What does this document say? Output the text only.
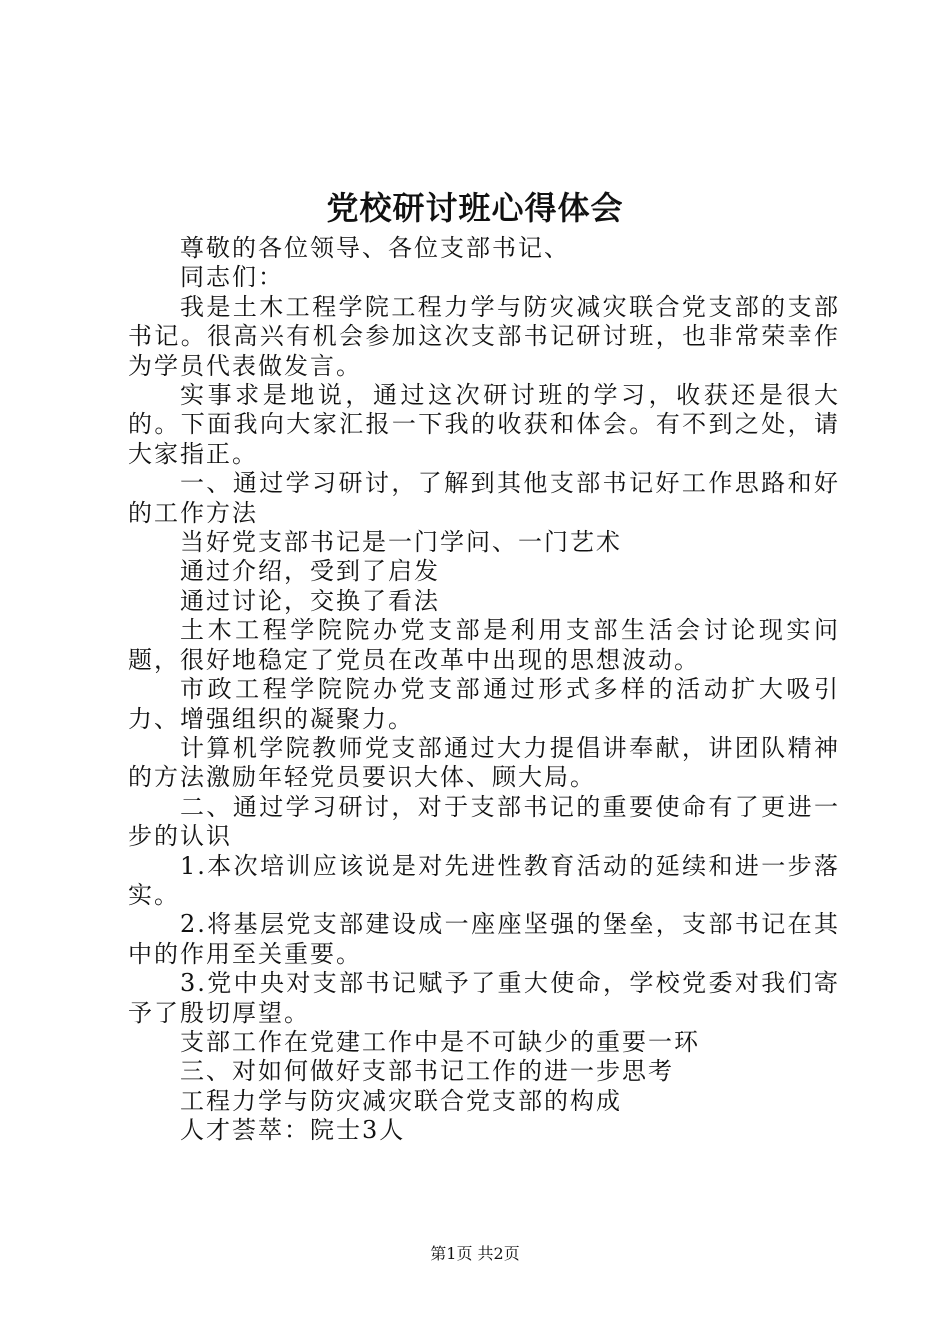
党校研讨班心得体会

尊敬的各位领导、各位支部书记、

同志们：

我是土木工程学院工程力学与防灾减灾联合党支部的支部书记。很高兴有机会参加这次支部书记研讨班，也非常荣幸作为学员代表做发言。

实事求是地说，通过这次研讨班的学习，收获还是很大的。下面我向大家汇报一下我的收获和体会。有不到之处，请大家指正。

一、通过学习研讨，了解到其他支部书记好工作思路和好的工作方法

当好党支部书记是一门学问、一门艺术

通过介绍，受到了启发

通过讨论，交换了看法

土木工程学院院办党支部是利用支部生活会讨论现实问题，很好地稳定了党员在改革中出现的思想波动。

市政工程学院院办党支部通过形式多样的活动扩大吸引力、增强组织的凝聚力。

计算机学院教师党支部通过大力提倡讲奉献，讲团队精神的方法激励年轻党员要识大体、顾大局。

二、通过学习研讨，对于支部书记的重要使命有了更进一步的认识

1.本次培训应该说是对先进性教育活动的延续和进一步落实。

2.将基层党支部建设成一座座坚强的堡垒，支部书记在其中的作用至关重要。

3.党中央对支部书记赋予了重大使命，学校党委对我们寄予了殷切厚望。

支部工作在党建工作中是不可缺少的重要一环

三、对如何做好支部书记工作的进一步思考

工程力学与防灾减灾联合党支部的构成

人才荟萃：院士3人

第1页 共2页
